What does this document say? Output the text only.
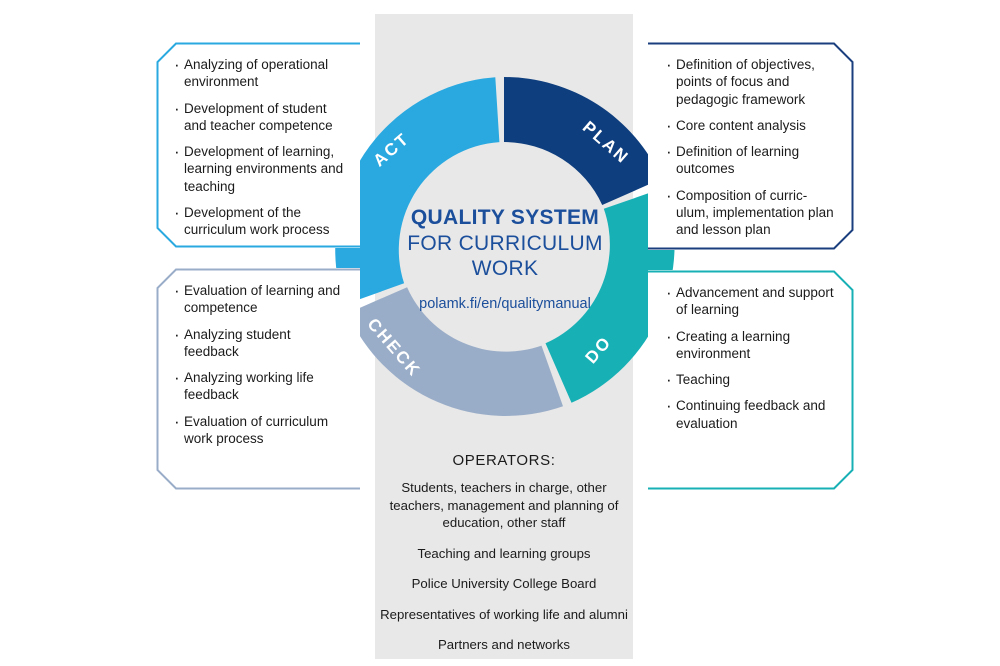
ACT	PLAN
DO
CHECK
QUALITY SYSTEM
FOR CURRICULUM
WORK
polamk.fi/en/qualitymanual
· Analyzing of operational environment
· Development of student and teacher competence
· Development of learning, learning environments and teaching
· Development of the curriculum work process
· Evaluation of learning and competence
· Analyzing student feedback
· Analyzing working life feedback
· Evaluation of curriculum work process
· Definition of objectives, points of focus and pedagogic framework
· Core content analysis
· Definition of learning outcomes
· Composition of curric-ulum, implementation plan and lesson plan
· Advancement and support of learning
· Creating a learning environment
· Teaching
· Continuing feedback and evaluation
OPERATORS:
Students, teachers in charge, other teachers, management and planning of education, other staff
Teaching and learning groups
Police University College Board
Representatives of working life and alumni
Partners and networks
